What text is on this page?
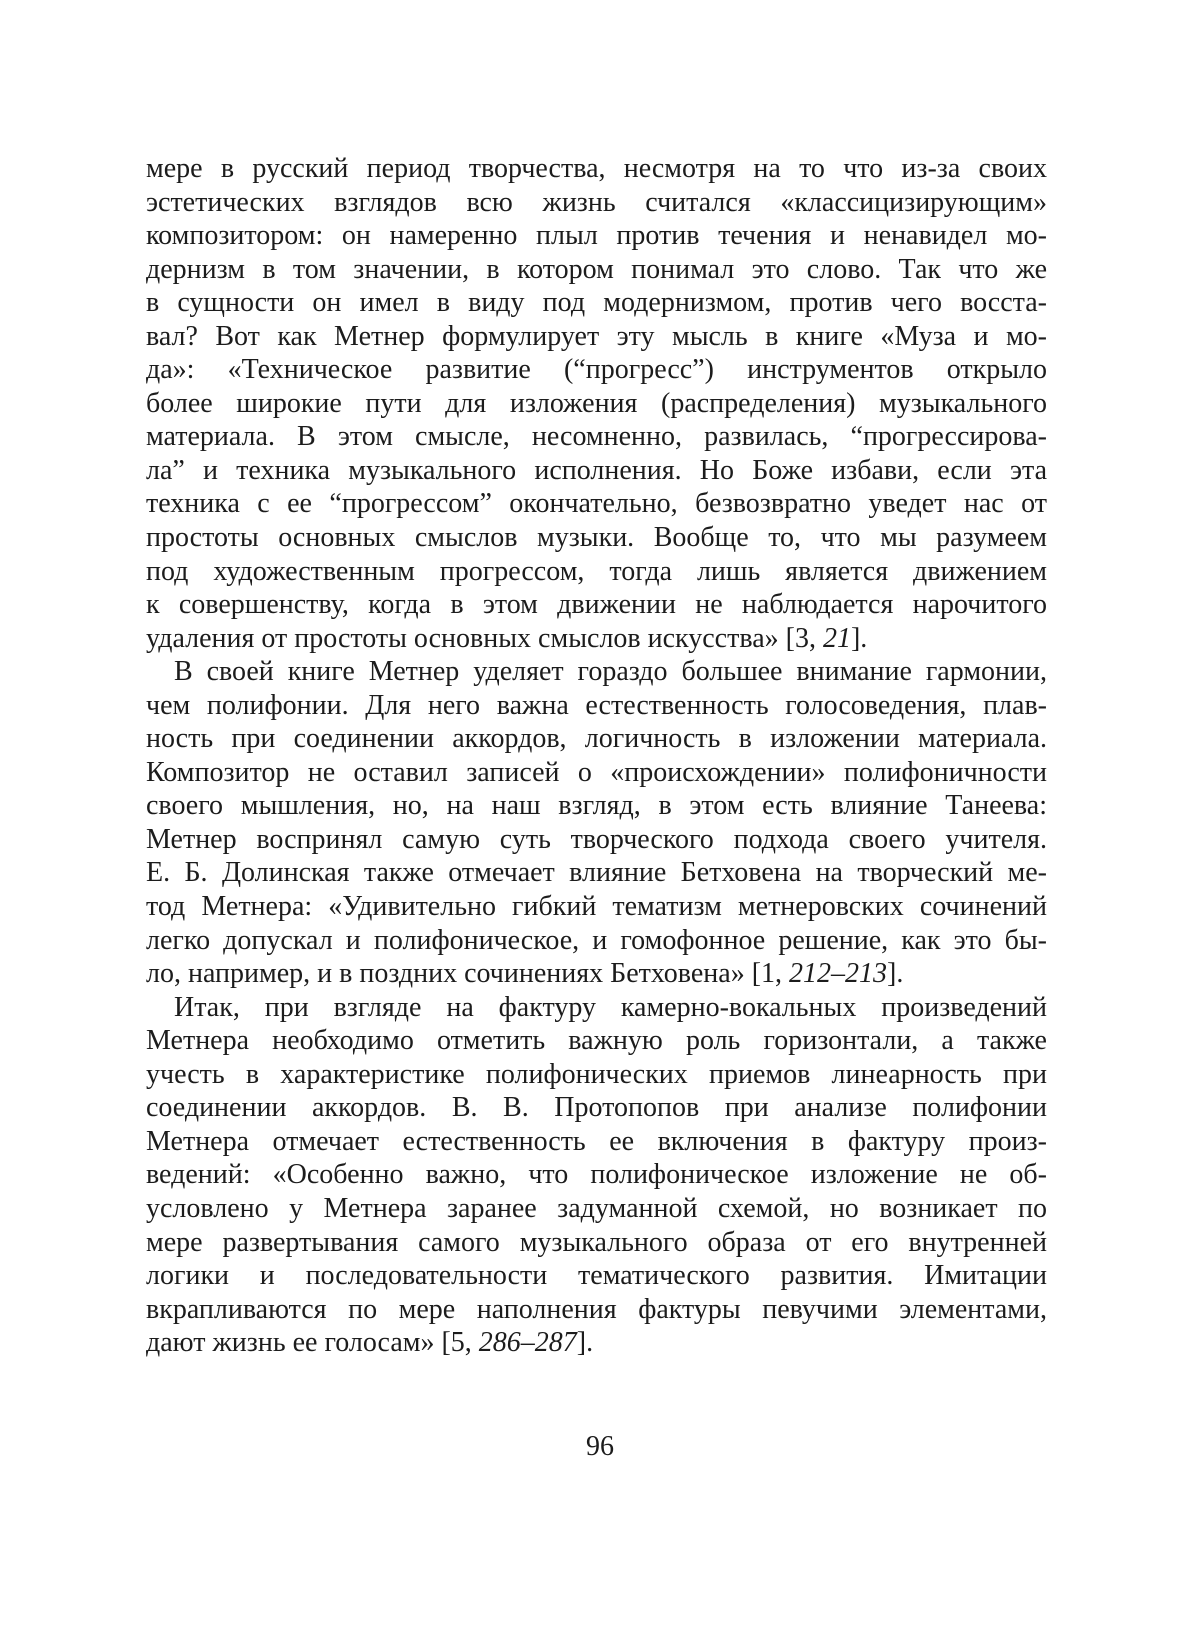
мере в русский период творчества, несмотря на то что из-за своих
эстетических взглядов всю жизнь считался «классицизирующим»
композитором: он намеренно плыл против течения и ненавидел мо-
дернизм в том значении, в котором понимал это слово. Так что же
в сущности он имел в виду под модернизмом, против чего восста-
вал? Вот как Метнер формулирует эту мысль в книге «Муза и мо-
да»: «Техническое развитие (“прогресс”) инструментов открыло
более широкие пути для изложения (распределения) музыкального
материала. В этом смысле, несомненно, развилась, “прогрессирова-
ла” и техника музыкального исполнения. Но Боже избави, если эта
техника с ее “прогрессом” окончательно, безвозвратно уведет нас от
простоты основных смыслов музыки. Вообще то, что мы разумеем
под художественным прогрессом, тогда лишь является движением
к совершенству, когда в этом движении не наблюдается нарочитого
удаления от простоты основных смыслов искусства» [3, 21].
В своей книге Метнер уделяет гораздо большее внимание гармонии,
чем полифонии. Для него важна естественность голосоведения, плав-
ность при соединении аккордов, логичность в изложении материала.
Композитор не оставил записей о «происхождении» полифоничности
своего мышления, но, на наш взгляд, в этом есть влияние Танеева:
Метнер воспринял самую суть творческого подхода своего учителя.
Е. Б. Долинская также отмечает влияние Бетховена на творческий ме-
тод Метнера: «Удивительно гибкий тематизм метнеровских сочинений
легко допускал и полифоническое, и гомофонное решение, как это бы-
ло, например, и в поздних сочинениях Бетховена» [1, 212–213].
Итак, при взгляде на фактуру камерно-вокальных произведений
Метнера необходимо отметить важную роль горизонтали, а также
учесть в характеристике полифонических приемов линеарность при
соединении аккордов. В. В. Протопопов при анализе полифонии
Метнера отмечает естественность ее включения в фактуру произ-
ведений: «Особенно важно, что полифоническое изложение не об-
условлено у Метнера заранее задуманной схемой, но возникает по
мере развертывания самого музыкального образа от его внутренней
логики и последовательности тематического развития. Имитации
вкрапливаются по мере наполнения фактуры певучими элементами,
дают жизнь ее голосам» [5, 286–287].
96
